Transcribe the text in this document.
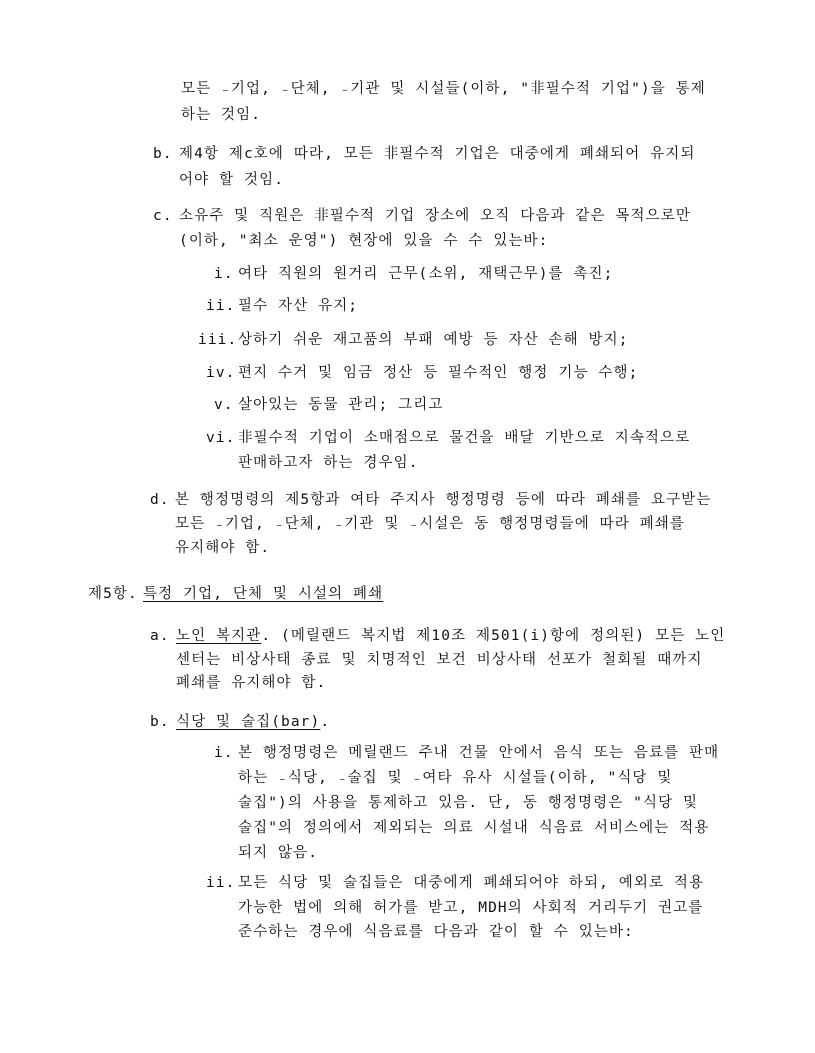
모든 ₋기업, ₋단체, ₋기관 및 시설들(이하, "非필수적 기업")을 통제
하는 것임.
b. 제4항 제c호에 따라, 모든 非필수적 기업은 대중에게 폐쇄되어 유지되
어야 할 것임.
c. 소유주 및 직원은 非필수적 기업 장소에 오직 다음과 같은 목적으로만
(이하, "최소 운영") 현장에 있을 수 수 있는바:
i. 여타 직원의 원거리 근무(소위, 재택근무)를 촉진;
ii. 필수 자산 유지;
iii. 상하기 쉬운 재고품의 부패 예방 등 자산 손해 방지;
iv. 편지 수거 및 임금 정산 등 필수적인 행정 기능 수행;
v. 살아있는 동물 관리; 그리고
vi. 非필수적 기업이 소매점으로 물건을 배달 기반으로 지속적으로
판매하고자 하는 경우임.
d. 본 행정명령의 제5항과 여타 주지사 행정명령 등에 따라 폐쇄를 요구받는
모든 ₋기업, ₋단체, ₋기관 및 ₋시설은 동 행정명령들에 따라 폐쇄를
유지해야 함.
제5항. 특정 기업, 단체 및 시설의 폐쇄
a. 노인 복지관. (메릴랜드 복지법 제10조 제501(i)항에 정의된) 모든 노인
센터는 비상사태 종료 및 치명적인 보건 비상사태 선포가 철회될 때까지
폐쇄를 유지해야 함.
b. 식당 및 술집(bar).
i. 본 행정명령은 메릴랜드 주내 건물 안에서 음식 또는 음료를 판매
하는 ₋식당, ₋술집 및 ₋여타 유사 시설들(이하, "식당 및
술집")의 사용을 통제하고 있음. 단, 동 행정명령은 "식당 및
술집"의 정의에서 제외되는 의료 시설내 식음료 서비스에는 적용
되지 않음.
ii. 모든 식당 및 술집들은 대중에게 폐쇄되어야 하되, 예외로 적용
가능한 법에 의해 허가를 받고, MDH의 사회적 거리두기 권고를
준수하는 경우에 식음료를 다음과 같이 할 수 있는바:
